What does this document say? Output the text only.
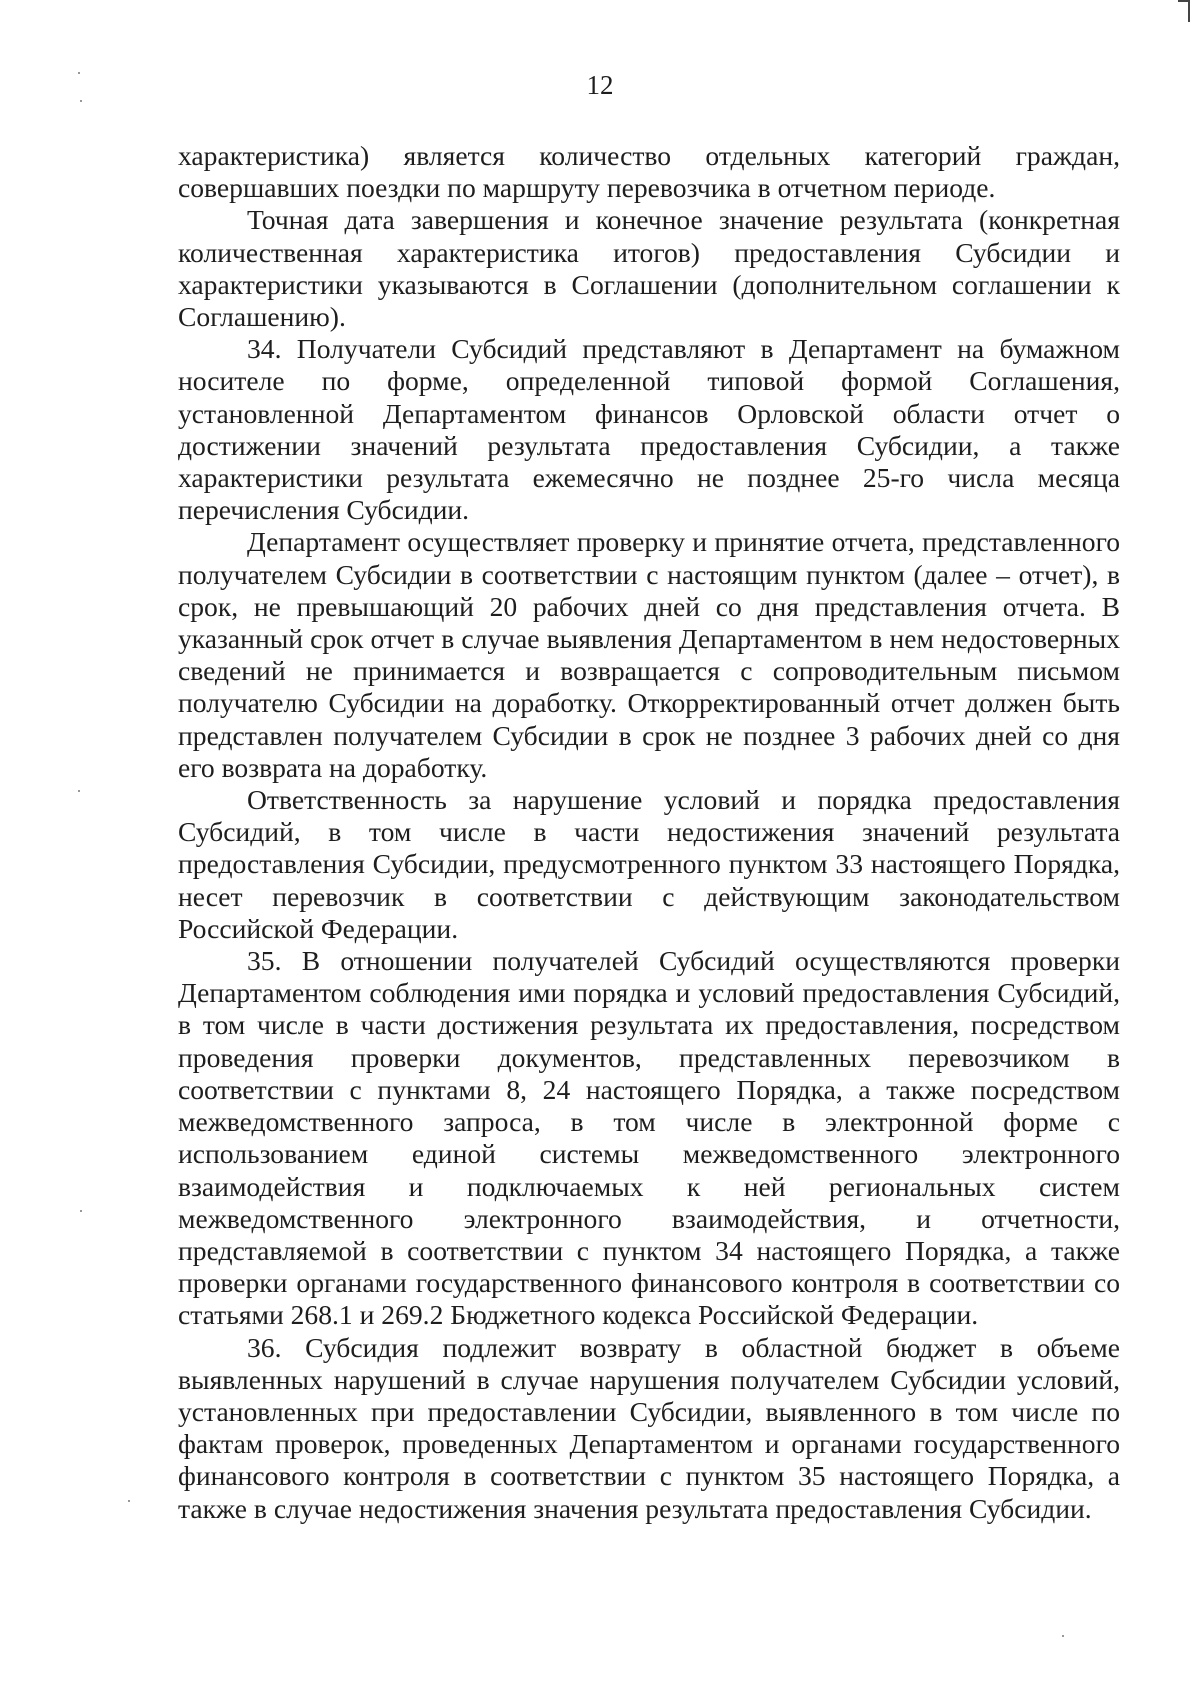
12

характеристика) является количество отдельных категорий граждан, совершавших поездки по маршруту перевозчика в отчетном периоде.

Точная дата завершения и конечное значение результата (конкретная количественная характеристика итогов) предоставления Субсидии и характеристики указываются в Соглашении (дополнительном соглашении к Соглашению).

34. Получатели Субсидий представляют в Департамент на бумажном носителе по форме, определенной типовой формой Соглашения, установленной Департаментом финансов Орловской области отчет о достижении значений результата предоставления Субсидии, а также характеристики результата ежемесячно не позднее 25-го числа месяца перечисления Субсидии.

Департамент осуществляет проверку и принятие отчета, представленного получателем Субсидии в соответствии с настоящим пунктом (далее – отчет), в срок, не превышающий 20 рабочих дней со дня представления отчета. В указанный срок отчет в случае выявления Департаментом в нем недостоверных сведений не принимается и возвращается с сопроводительным письмом получателю Субсидии на доработку. Откорректированный отчет должен быть представлен получателем Субсидии в срок не позднее 3 рабочих дней со дня его возврата на доработку.

Ответственность за нарушение условий и порядка предоставления Субсидий, в том числе в части недостижения значений результата предоставления Субсидии, предусмотренного пунктом 33 настоящего Порядка, несет перевозчик в соответствии с действующим законодательством Российской Федерации.

35. В отношении получателей Субсидий осуществляются проверки Департаментом соблюдения ими порядка и условий предоставления Субсидий, в том числе в части достижения результата их предоставления, посредством проведения проверки документов, представленных перевозчиком в соответствии с пунктами 8, 24 настоящего Порядка, а также посредством межведомственного запроса, в том числе в электронной форме с использованием единой системы межведомственного электронного взаимодействия и подключаемых к ней региональных систем межведомственного электронного взаимодействия, и отчетности, представляемой в соответствии с пунктом 34 настоящего Порядка, а также проверки органами государственного финансового контроля в соответствии со статьями 268.1 и 269.2 Бюджетного кодекса Российской Федерации.

36. Субсидия подлежит возврату в областной бюджет в объеме выявленных нарушений в случае нарушения получателем Субсидии условий, установленных при предоставлении Субсидии, выявленного в том числе по фактам проверок, проведенных Департаментом и органами государственного финансового контроля в соответствии с пунктом 35 настоящего Порядка, а также в случае недостижения значения результата предоставления Субсидии.
